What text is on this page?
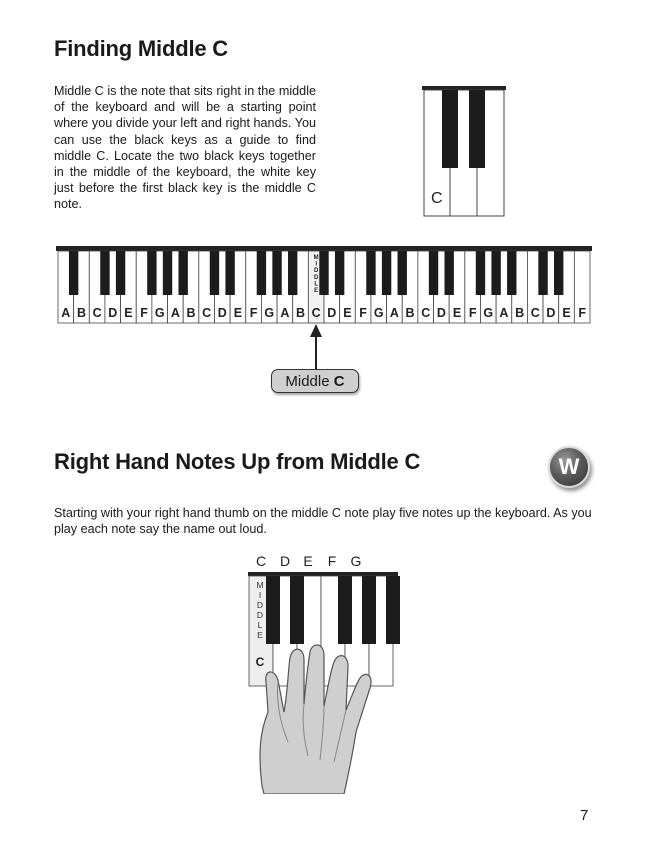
Finding Middle C

Middle C is the note that sits right in the middle of the keyboard and will be a starting point where you divide your left and right hands. You can use the black keys as a guide to find middle C. Locate the two black keys together in the middle of the keyboard, the white key just before the first black key is the middle C note.	C
A B C D E F G A B C D E F G A B C D E F G A B C D E F G A B C D E F
M
I
D
D
L
E
Middle C
Right Hand Notes Up from Middle C	W

Starting with your right hand thumb on the middle C note play five notes up the keyboard. As you play each note say the name out loud.

C D E F G
M
I
D
D
L
E
C
7
